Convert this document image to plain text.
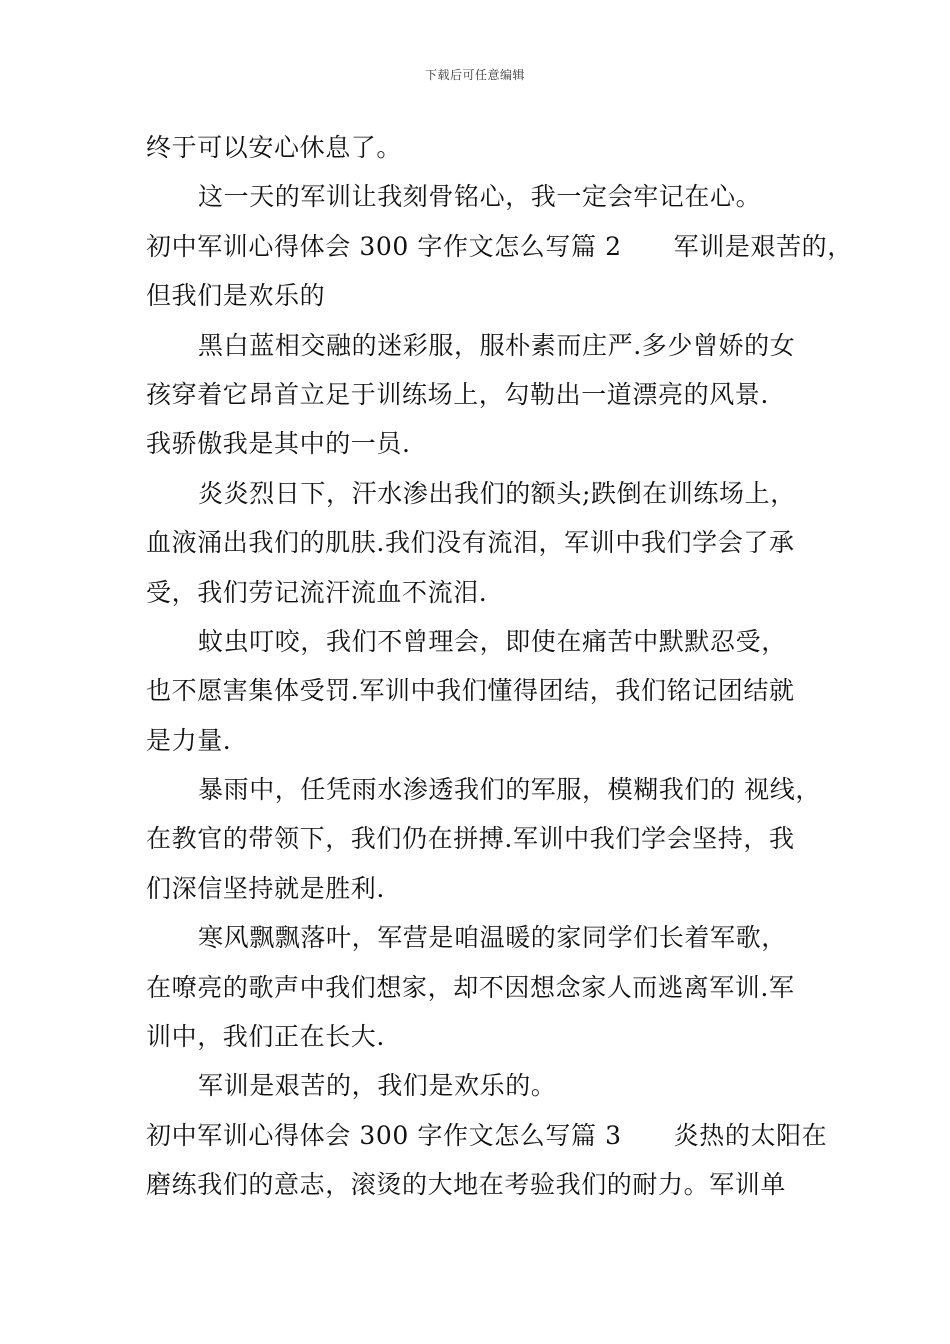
下载后可任意编辑
终于可以安心休息了。
这一天的军训让我刻骨铭心，我一定会牢记在心。
初中军训心得体会 300 字作文怎么写篇 2 军训是艰苦的，
但我们是欢乐的
黑白蓝相交融的迷彩服，服朴素而庄严.多少曾娇的女
孩穿着它昂首立足于训练场上，勾勒出一道漂亮的风景.
我骄傲我是其中的一员.
炎炎烈日下，汗水渗出我们的额头;跌倒在训练场上，
血液涌出我们的肌肤.我们没有流泪，军训中我们学会了承
受，我们劳记流汗流血不流泪.
蚊虫叮咬，我们不曾理会，即使在痛苦中默默忍受，
也不愿害集体受罚.军训中我们懂得团结，我们铭记团结就
是力量.
暴雨中，任凭雨水渗透我们的军服，模糊我们的 视线，
在教官的带领下，我们仍在拼搏.军训中我们学会坚持，我
们深信坚持就是胜利.
寒风飘飘落叶，军营是咱温暖的家同学们长着军歌，
在嘹亮的歌声中我们想家，却不因想念家人而逃离军训.军
训中，我们正在长大.
军训是艰苦的，我们是欢乐的。
初中军训心得体会 300 字作文怎么写篇 3 炎热的太阳在
磨练我们的意志，滚烫的大地在考验我们的耐力。军训单
